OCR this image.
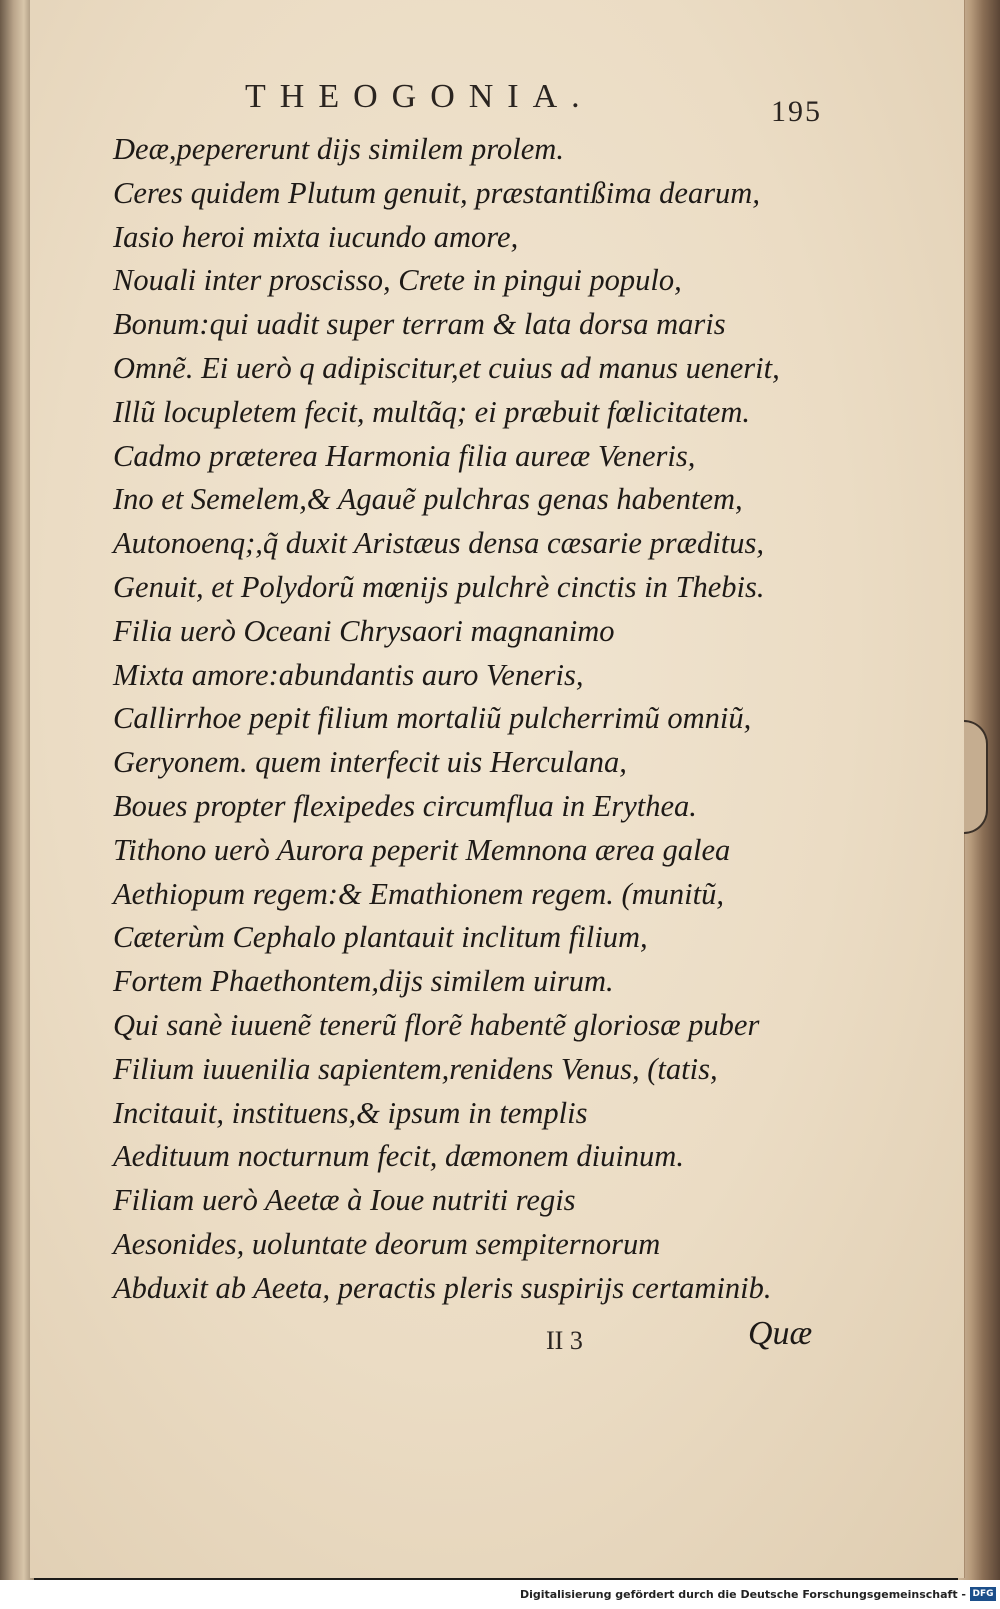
THEOGONIA.	195
Deæ,pepererunt dijs similem prolem.
Ceres quidem Plutum genuit, præstantißima dearum,
Iasio heroi mixta iucundo amore,
Nouali inter proscisso, Crete in pingui populo,
Bonum:qui uadit super terram & lata dorsa maris
Omnẽ. Ei uerò q adipiscitur,et cuius ad manus uenerit,
Illũ locupletem fecit, multãq; ei præbuit fœlicitatem.
Cadmo præterea Harmonia filia aureæ Veneris,
Ino et Semelem,& Agauẽ pulchras genas habentem,
Autonoenq;,q̃ duxit Aristæus densa cæsarie præditus,
Genuit, et Polydorũ mœnijs pulchrè cinctis in Thebis.
Filia uerò Oceani Chrysaori magnanimo
Mixta amore:abundantis auro Veneris,
Callirrhoe pepit filium mortaliũ pulcherrimũ omniũ,
Geryonem. quem interfecit uis Herculana,
Boues propter flexipedes circumflua in Erythea.
Tithono uerò Aurora peperit Memnona ærea galea
Aethiopum regem:& Emathionem regem. (munitũ,
Cæterùm Cephalo plantauit inclitum filium,
Fortem Phaethontem,dijs similem uirum.
Qui sanè iuuenẽ tenerũ florẽ habentẽ gloriosæ puber
Filium iuuenilia sapientem,renidens Venus, (tatis,
Incitauit, instituens,& ipsum in templis
Aedituum nocturnum fecit, dæmonem diuinum.
Filiam uerò Aeetæ à Ioue nutriti regis
Aesonides, uoluntate deorum sempiternorum
Abduxit ab Aeeta, peractis pleris suspirijs certaminib.
II 3	Quæ
Digitalisierung gefördert durch die Deutsche Forschungsgemeinschaft - DFG
